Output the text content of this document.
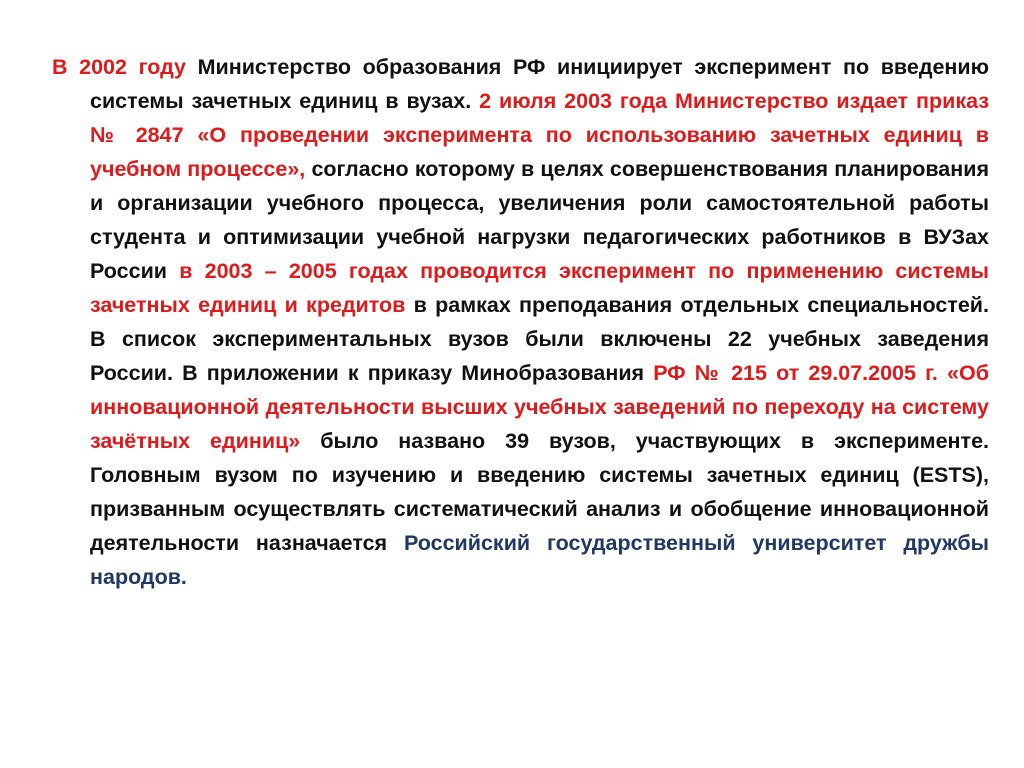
В 2002 году Министерство образования РФ инициирует эксперимент по введению системы зачетных единиц в вузах. 2 июля 2003 года Министерство издает приказ № 2847 «О проведении эксперимента по использованию зачетных единиц в учебном процессе», согласно которому в целях совершенствования планирования и организации учебного процесса, увеличения роли самостоятельной работы студента и оптимизации учебной нагрузки педагогических работников в ВУЗах России в 2003 – 2005 годах проводится эксперимент по применению системы зачетных единиц и кредитов в рамках преподавания отдельных специальностей. В список экспериментальных вузов были включены 22 учебных заведения России. В приложении к приказу Минобразования РФ № 215 от 29.07.2005 г. «Об инновационной деятельности высших учебных заведений по переходу на систему зачётных единиц» было названо 39 вузов, участвующих в эксперименте. Головным вузом по изучению и введению системы зачетных единиц (ESTS), призванным осуществлять систематический анализ и обобщение инновационной деятельности назначается Российский государственный университет дружбы народов.
